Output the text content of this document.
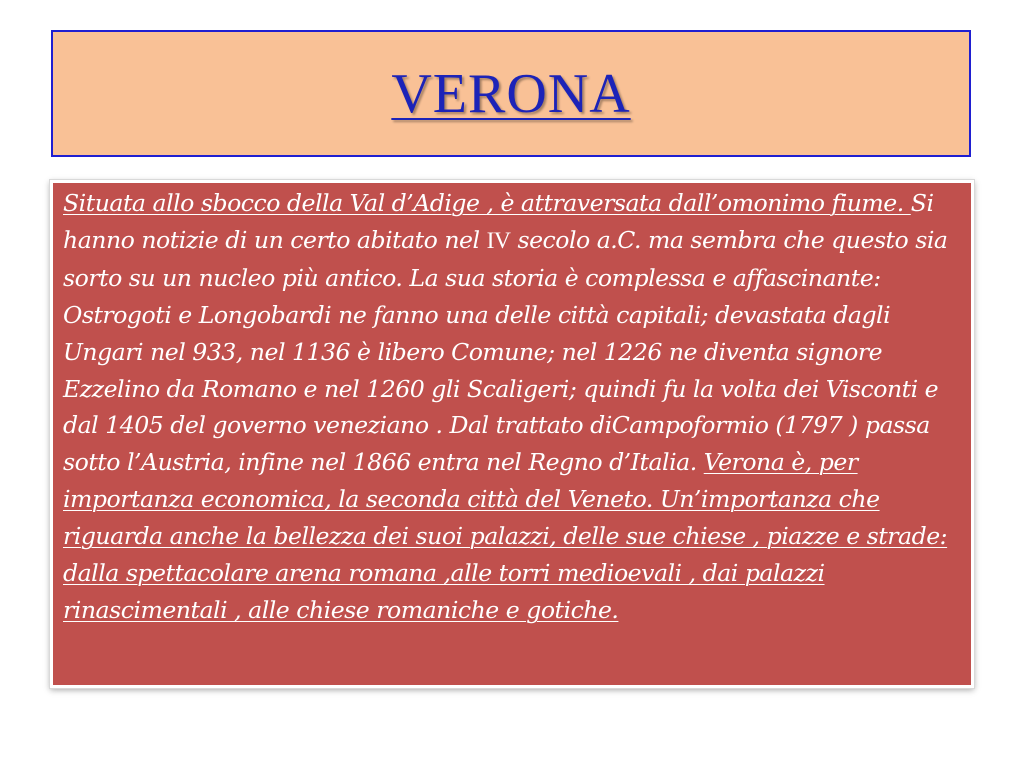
VERONA

Situata allo sbocco della Val d’Adige , è attraversata dall’omonimo fiume. Si hanno notizie di un certo abitato nel IV secolo a.C. ma sembra che questo sia sorto su un nucleo più antico. La sua storia è complessa e affascinante: Ostrogoti e Longobardi ne fanno una delle città capitali; devastata dagli Ungari nel 933, nel 1136 è libero Comune; nel 1226 ne diventa signore Ezzelino da Romano e nel 1260 gli Scaligeri; quindi fu la volta dei Visconti e dal 1405 del governo veneziano . Dal trattato diCampoformio (1797 ) passa sotto l’Austria, infine nel 1866 entra nel Regno d’Italia. Verona è, per importanza economica, la seconda città del Veneto. Un’importanza che riguarda anche la bellezza dei suoi palazzi, delle sue chiese , piazze e strade: dalla spettacolare arena romana ,alle torri medioevali , dai palazzi rinascimentali , alle chiese romaniche e gotiche.
